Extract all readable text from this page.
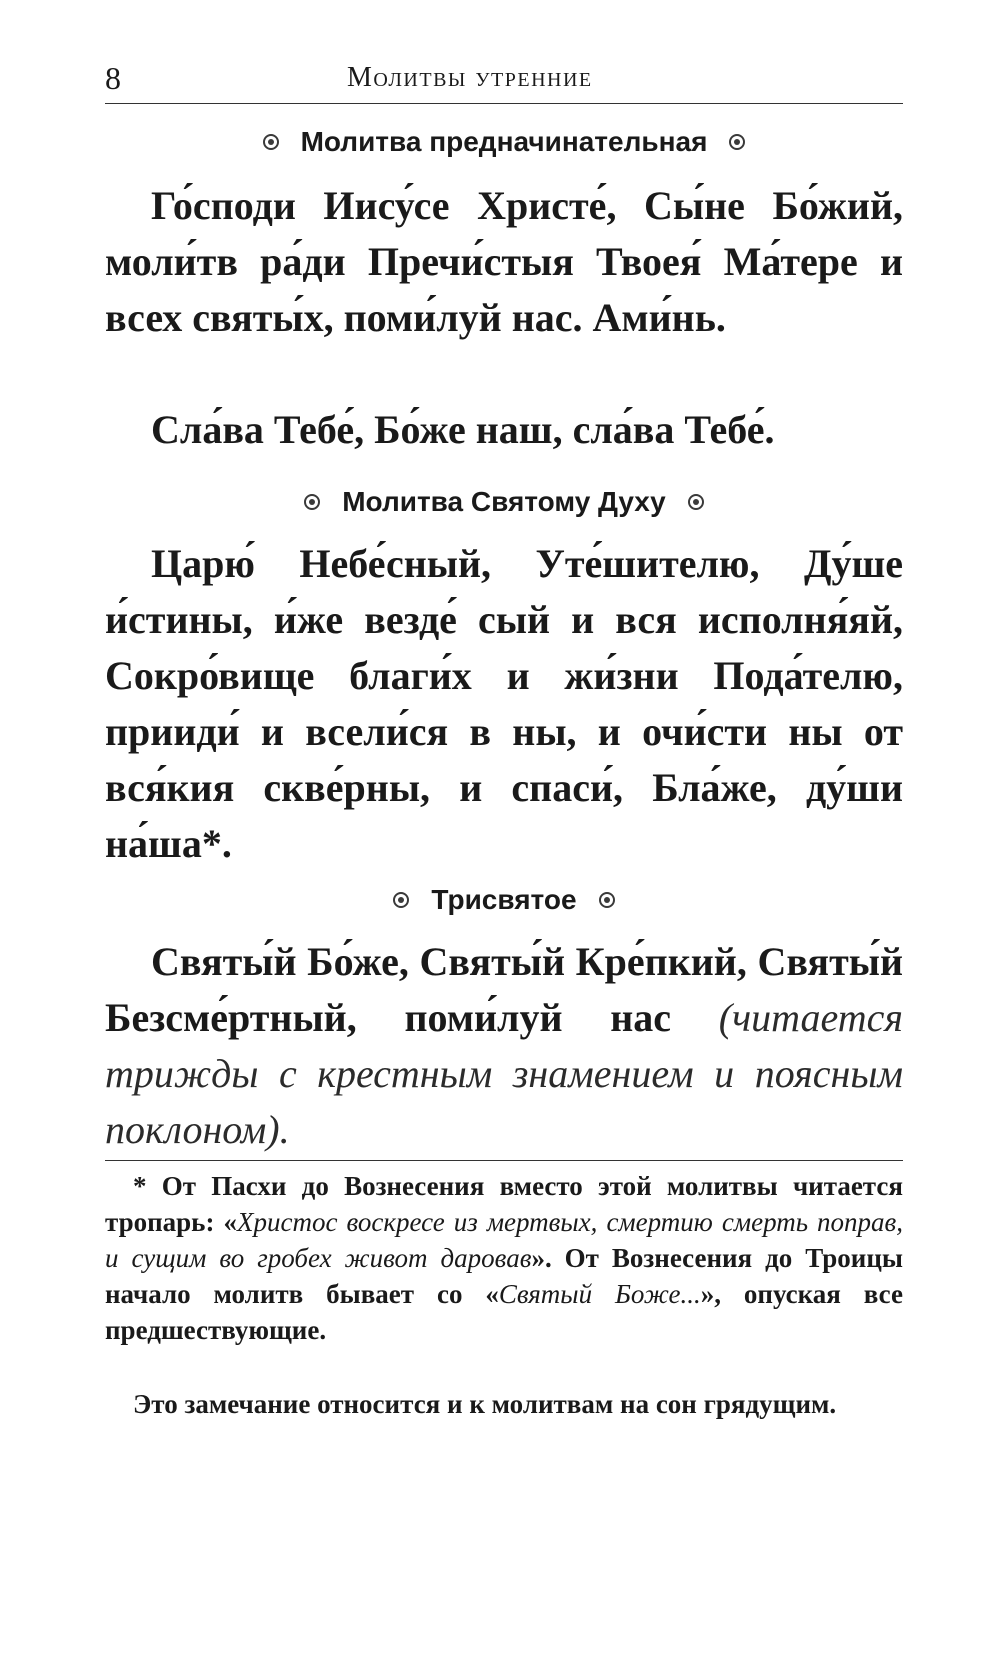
8	Молитвы утренние
Молитва предначинательная

Го́споди Иису́се Христе́, Сы́не Бо́жий, моли́тв ра́ди Пречи́стыя Твоея́ Ма́тере и всех святы́х, поми́луй нас. Ами́нь.

Сла́ва Тебе́, Бо́же наш, сла́ва Тебе́.

Молитва Святому Духу

Царю́ Небе́сный, Уте́шителю, Ду́ше и́стины, и́же везде́ сый и вся исполня́яй, Сокро́вище благи́х и жи́зни Пода́телю, прииди́ и всели́ся в ны, и очи́сти ны от вся́кия скве́рны, и спаси́, Бла́же, ду́ши на́ша*.

Трисвятое

Святы́й Бо́же, Святы́й Кре́пкий, Святы́й Безсме́ртный, поми́луй нас (читается трижды с крестным знамением и поясным поклоном).

* От Пасхи до Вознесения вместо этой молитвы читается тропарь: «Христос воскресе из мертвых, смертию смерть поправ, и сущим во гробех живот даровав». От Вознесения до Троицы начало молитв бывает со «Святый Боже...», опуская все предшествующие.

Это замечание относится и к молитвам на сон грядущим.
